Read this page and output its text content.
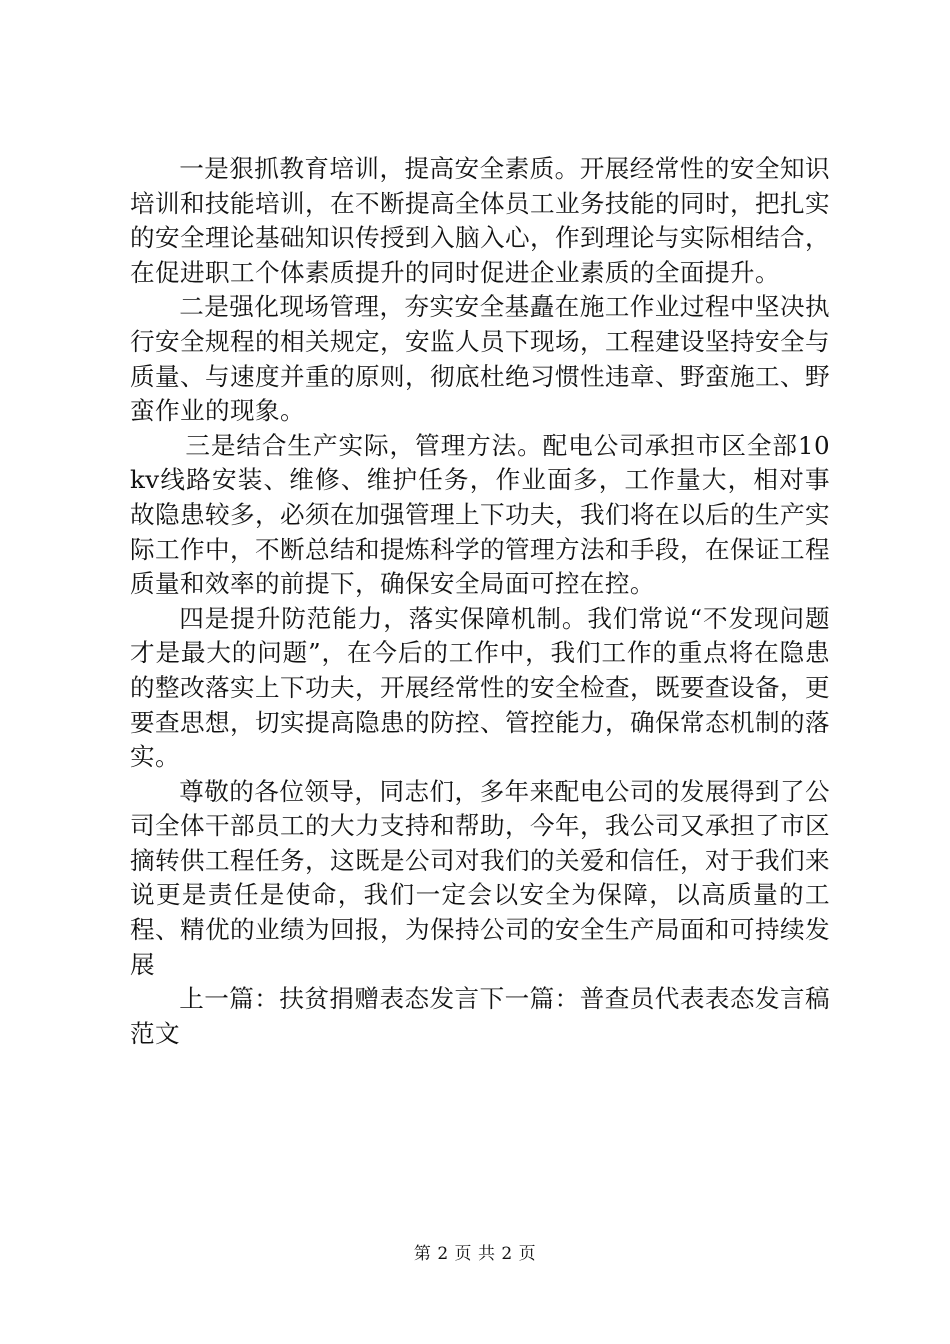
一是狠抓教育培训，提高安全素质。开展经常性的安全知识培训和技能培训，在不断提高全体员工业务技能的同时，把扎实的安全理论基础知识传授到入脑入心，作到理论与实际相结合，在促进职工个体素质提升的同时促进企业素质的全面提升。

二是强化现场管理，夯实安全基矗在施工作业过程中坚决执行安全规程的相关规定，安监人员下现场，工程建设坚持安全与质量、与速度并重的原则，彻底杜绝习惯性违章、野蛮施工、野蛮作业的现象。

三是结合生产实际，管理方法。配电公司承担市区全部10kv线路安装、维修、维护任务，作业面多，工作量大，相对事故隐患较多，必须在加强管理上下功夫，我们将在以后的生产实际工作中，不断总结和提炼科学的管理方法和手段，在保证工程质量和效率的前提下，确保安全局面可控在控。

四是提升防范能力，落实保障机制。我们常说“不发现问题才是最大的问题”，在今后的工作中，我们工作的重点将在隐患的整改落实上下功夫，开展经常性的安全检查，既要查设备，更要查思想，切实提高隐患的防控、管控能力，确保常态机制的落实。

尊敬的各位领导，同志们，多年来配电公司的发展得到了公司全体干部员工的大力支持和帮助，今年，我公司又承担了市区摘转供工程任务，这既是公司对我们的关爱和信任，对于我们来说更是责任是使命，我们一定会以安全为保障，以高质量的工程、精优的业绩为回报，为保持公司的安全生产局面和可持续发展

上一篇：扶贫捐赠表态发言下一篇：普查员代表表态发言稿范文

第 2 页 共 2 页
